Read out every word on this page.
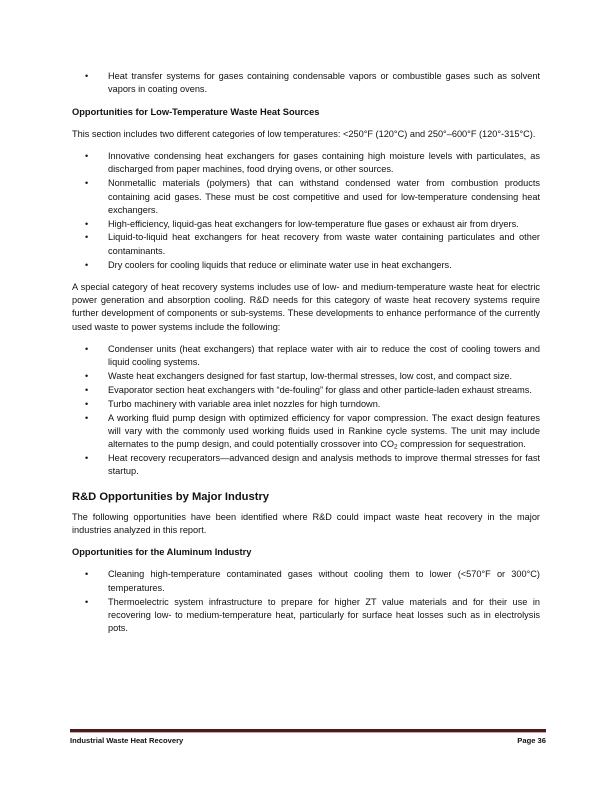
• Heat transfer systems for gases containing condensable vapors or combustible gases such as solvent vapors in coating ovens.
Opportunities for Low-Temperature Waste Heat Sources

This section includes two different categories of low temperatures: <250°F (120°C) and 250°–600°F (120°-315°C).

• Innovative condensing heat exchangers for gases containing high moisture levels with particulates, as discharged from paper machines, food drying ovens, or other sources.
• Nonmetallic materials (polymers) that can withstand condensed water from combustion products containing acid gases. These must be cost competitive and used for low-temperature condensing heat exchangers.
• High-efficiency, liquid-gas heat exchangers for low-temperature flue gases or exhaust air from dryers.
• Liquid-to-liquid heat exchangers for heat recovery from waste water containing particulates and other contaminants.
• Dry coolers for cooling liquids that reduce or eliminate water use in heat exchangers.

A special category of heat recovery systems includes use of low- and medium-temperature waste heat for electric power generation and absorption cooling. R&D needs for this category of waste heat recovery systems require further development of components or sub-systems. These developments to enhance performance of the currently used waste to power systems include the following:

• Condenser units (heat exchangers) that replace water with air to reduce the cost of cooling towers and liquid cooling systems.
• Waste heat exchangers designed for fast startup, low-thermal stresses, low cost, and compact size.
• Evaporator section heat exchangers with “de-fouling” for glass and other particle-laden exhaust streams.
• Turbo machinery with variable area inlet nozzles for high turndown.
• A working fluid pump design with optimized efficiency for vapor compression. The exact design features will vary with the commonly used working fluids used in Rankine cycle systems. The unit may include alternates to the pump design, and could potentially crossover into $CO_2$ compression for sequestration.
• Heat recovery recuperators—advanced design and analysis methods to improve thermal stresses for fast startup.
R&D Opportunities by Major Industry

The following opportunities have been identified where R&D could impact waste heat recovery in the major industries analyzed in this report.

Opportunities for the Aluminum Industry
• Cleaning high-temperature contaminated gases without cooling them to lower (<570°F or 300°C) temperatures.
• Thermoelectric system infrastructure to prepare for higher ZT value materials and for their use in recovering low- to medium-temperature heat, particularly for surface heat losses such as in electrolysis pots.
Industrial Waste Heat Recovery	Page 36
